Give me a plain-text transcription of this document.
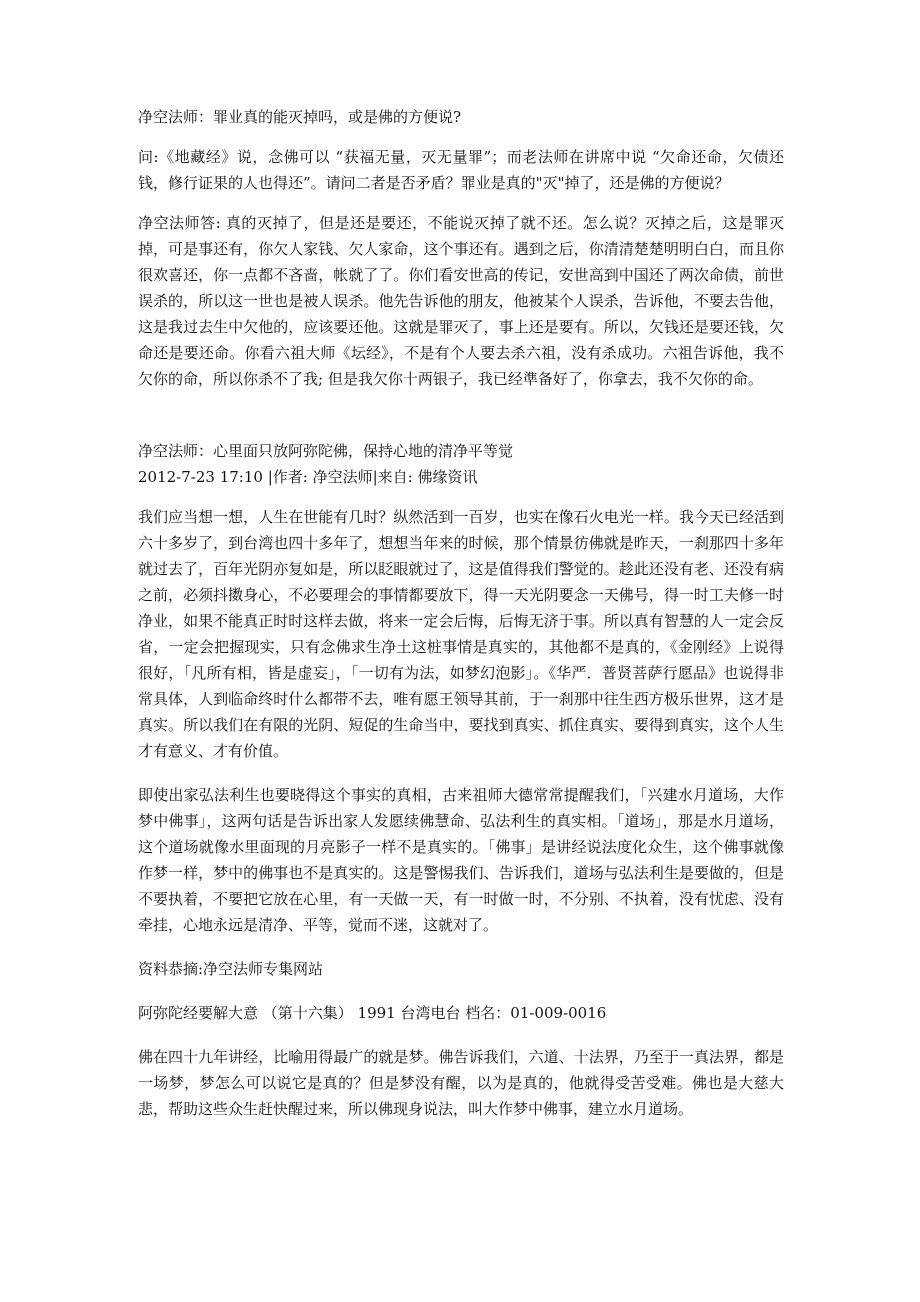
净空法师：罪业真的能灭掉吗，或是佛的方便说?

问:《地藏经》说，念佛可以 “获福无量，灭无量罪”；而老法师在讲席中说 “欠命还命，欠债还钱，修行证果的人也得还”。请问二者是否矛盾？罪业是真的"灭"掉了，还是佛的方便说？

净空法师答: 真的灭掉了，但是还是要还，不能说灭掉了就不还。怎么说？灭掉之后，这是罪灭掉，可是事还有，你欠人家钱、欠人家命，这个事还有。遇到之后，你清清楚楚明明白白，而且你很欢喜还，你一点都不吝啬，帐就了了。你们看安世高的传记，安世高到中国还了两次命债，前世误杀的，所以这一世也是被人误杀。他先告诉他的朋友，他被某个人误杀，告诉他，不要去告他，这是我过去生中欠他的，应该要还他。这就是罪灭了，事上还是要有。所以，欠钱还是要还钱，欠命还是要还命。你看六祖大师《坛经》，不是有个人要去杀六祖，没有杀成功。六祖告诉他，我不欠你的命，所以你杀不了我; 但是我欠你十两银子，我已经準备好了，你拿去，我不欠你的命。

净空法师：心里面只放阿弥陀佛，保持心地的清净平等觉

2012-7-23 17:10 |作者: 净空法师|来自: 佛缘资讯

我们应当想一想，人生在世能有几时？纵然活到一百岁，也实在像石火电光一样。我今天已经活到六十多岁了，到台湾也四十多年了，想想当年来的时候，那个情景彷佛就是昨天，一刹那四十多年就过去了，百年光阴亦复如是，所以眨眼就过了，这是值得我们警觉的。趁此还没有老、还没有病之前，必须抖擞身心，不必要理会的事情都要放下，得一天光阴要念一天佛号，得一时工夫修一时净业，如果不能真正时时这样去做，将来一定会后悔，后悔无济于事。所以真有智慧的人一定会反省，一定会把握现实，只有念佛求生净土这桩事情是真实的，其他都不是真的，《金刚经》上说得很好，「凡所有相，皆是虚妄」，「一切有为法，如梦幻泡影」。《华严．普贤菩萨行愿品》也说得非常具体，人到临命终时什么都带不去，唯有愿王领导其前，于一刹那中往生西方极乐世界，这才是真实。所以我们在有限的光阴、短促的生命当中，要找到真实、抓住真实、要得到真实，这个人生才有意义、才有价值。

即使出家弘法利生也要晓得这个事实的真相，古来祖师大德常常提醒我们，「兴建水月道场，大作梦中佛事」，这两句话是告诉出家人发愿续佛慧命、弘法利生的真实相。「道场」，那是水月道场，这个道场就像水里面现的月亮影子一样不是真实的。「佛事」是讲经说法度化众生，这个佛事就像作梦一样，梦中的佛事也不是真实的。这是警惕我们、告诉我们，道场与弘法利生是要做的，但是不要执着，不要把它放在心里，有一天做一天，有一时做一时，不分别、不执着，没有忧虑、没有牵挂，心地永远是清净、平等，觉而不迷，这就对了。

资料恭摘:净空法师专集网站

阿弥陀经要解大意 （第十六集） 1991 台湾电台 档名：01-009-0016

佛在四十九年讲经，比喻用得最广的就是梦。佛告诉我们，六道、十法界，乃至于一真法界，都是一场梦，梦怎么可以说它是真的？但是梦没有醒，以为是真的，他就得受苦受难。佛也是大慈大悲，帮助这些众生赶快醒过来，所以佛现身说法，叫大作梦中佛事，建立水月道场。
